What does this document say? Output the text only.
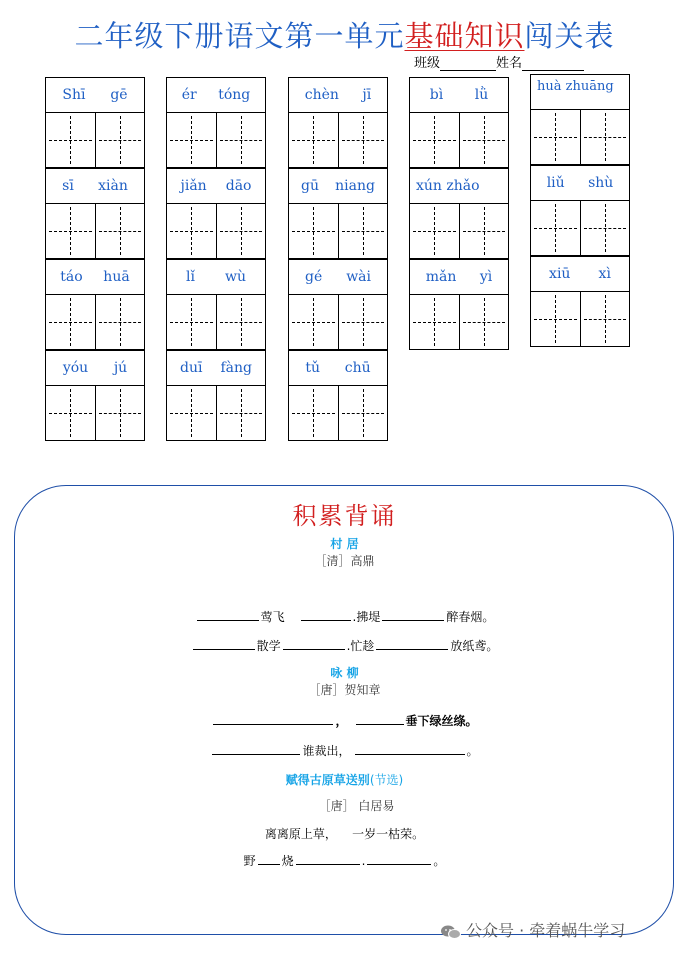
二年级下册语文第一单元基础知识闯关表
班级	姓名
Shī gē
sī xiàn
táo huā
yóu jú
ér tóng
jiǎn dāo
lǐ wù
duī fàng
chèn jī
gū niang
gé wài
tǔ chū
bì lǜ
xún zhǎo
mǎn yì
huà zhuāng
liǔ shù
xiū xì
积累背诵
村 居
［清］高鼎
莺飞	.拂堤	醉春烟。
散学	.忙趁	放纸鸢。
咏 柳
［唐］贺知章
，	垂下绿丝绦。
谁裁出，	。
赋得古原草送别(节选)
［唐］ 白居易
离离原上草，    一岁一枯荣。
野 烧	.	。
公众号 · 牵着蜗牛学习
